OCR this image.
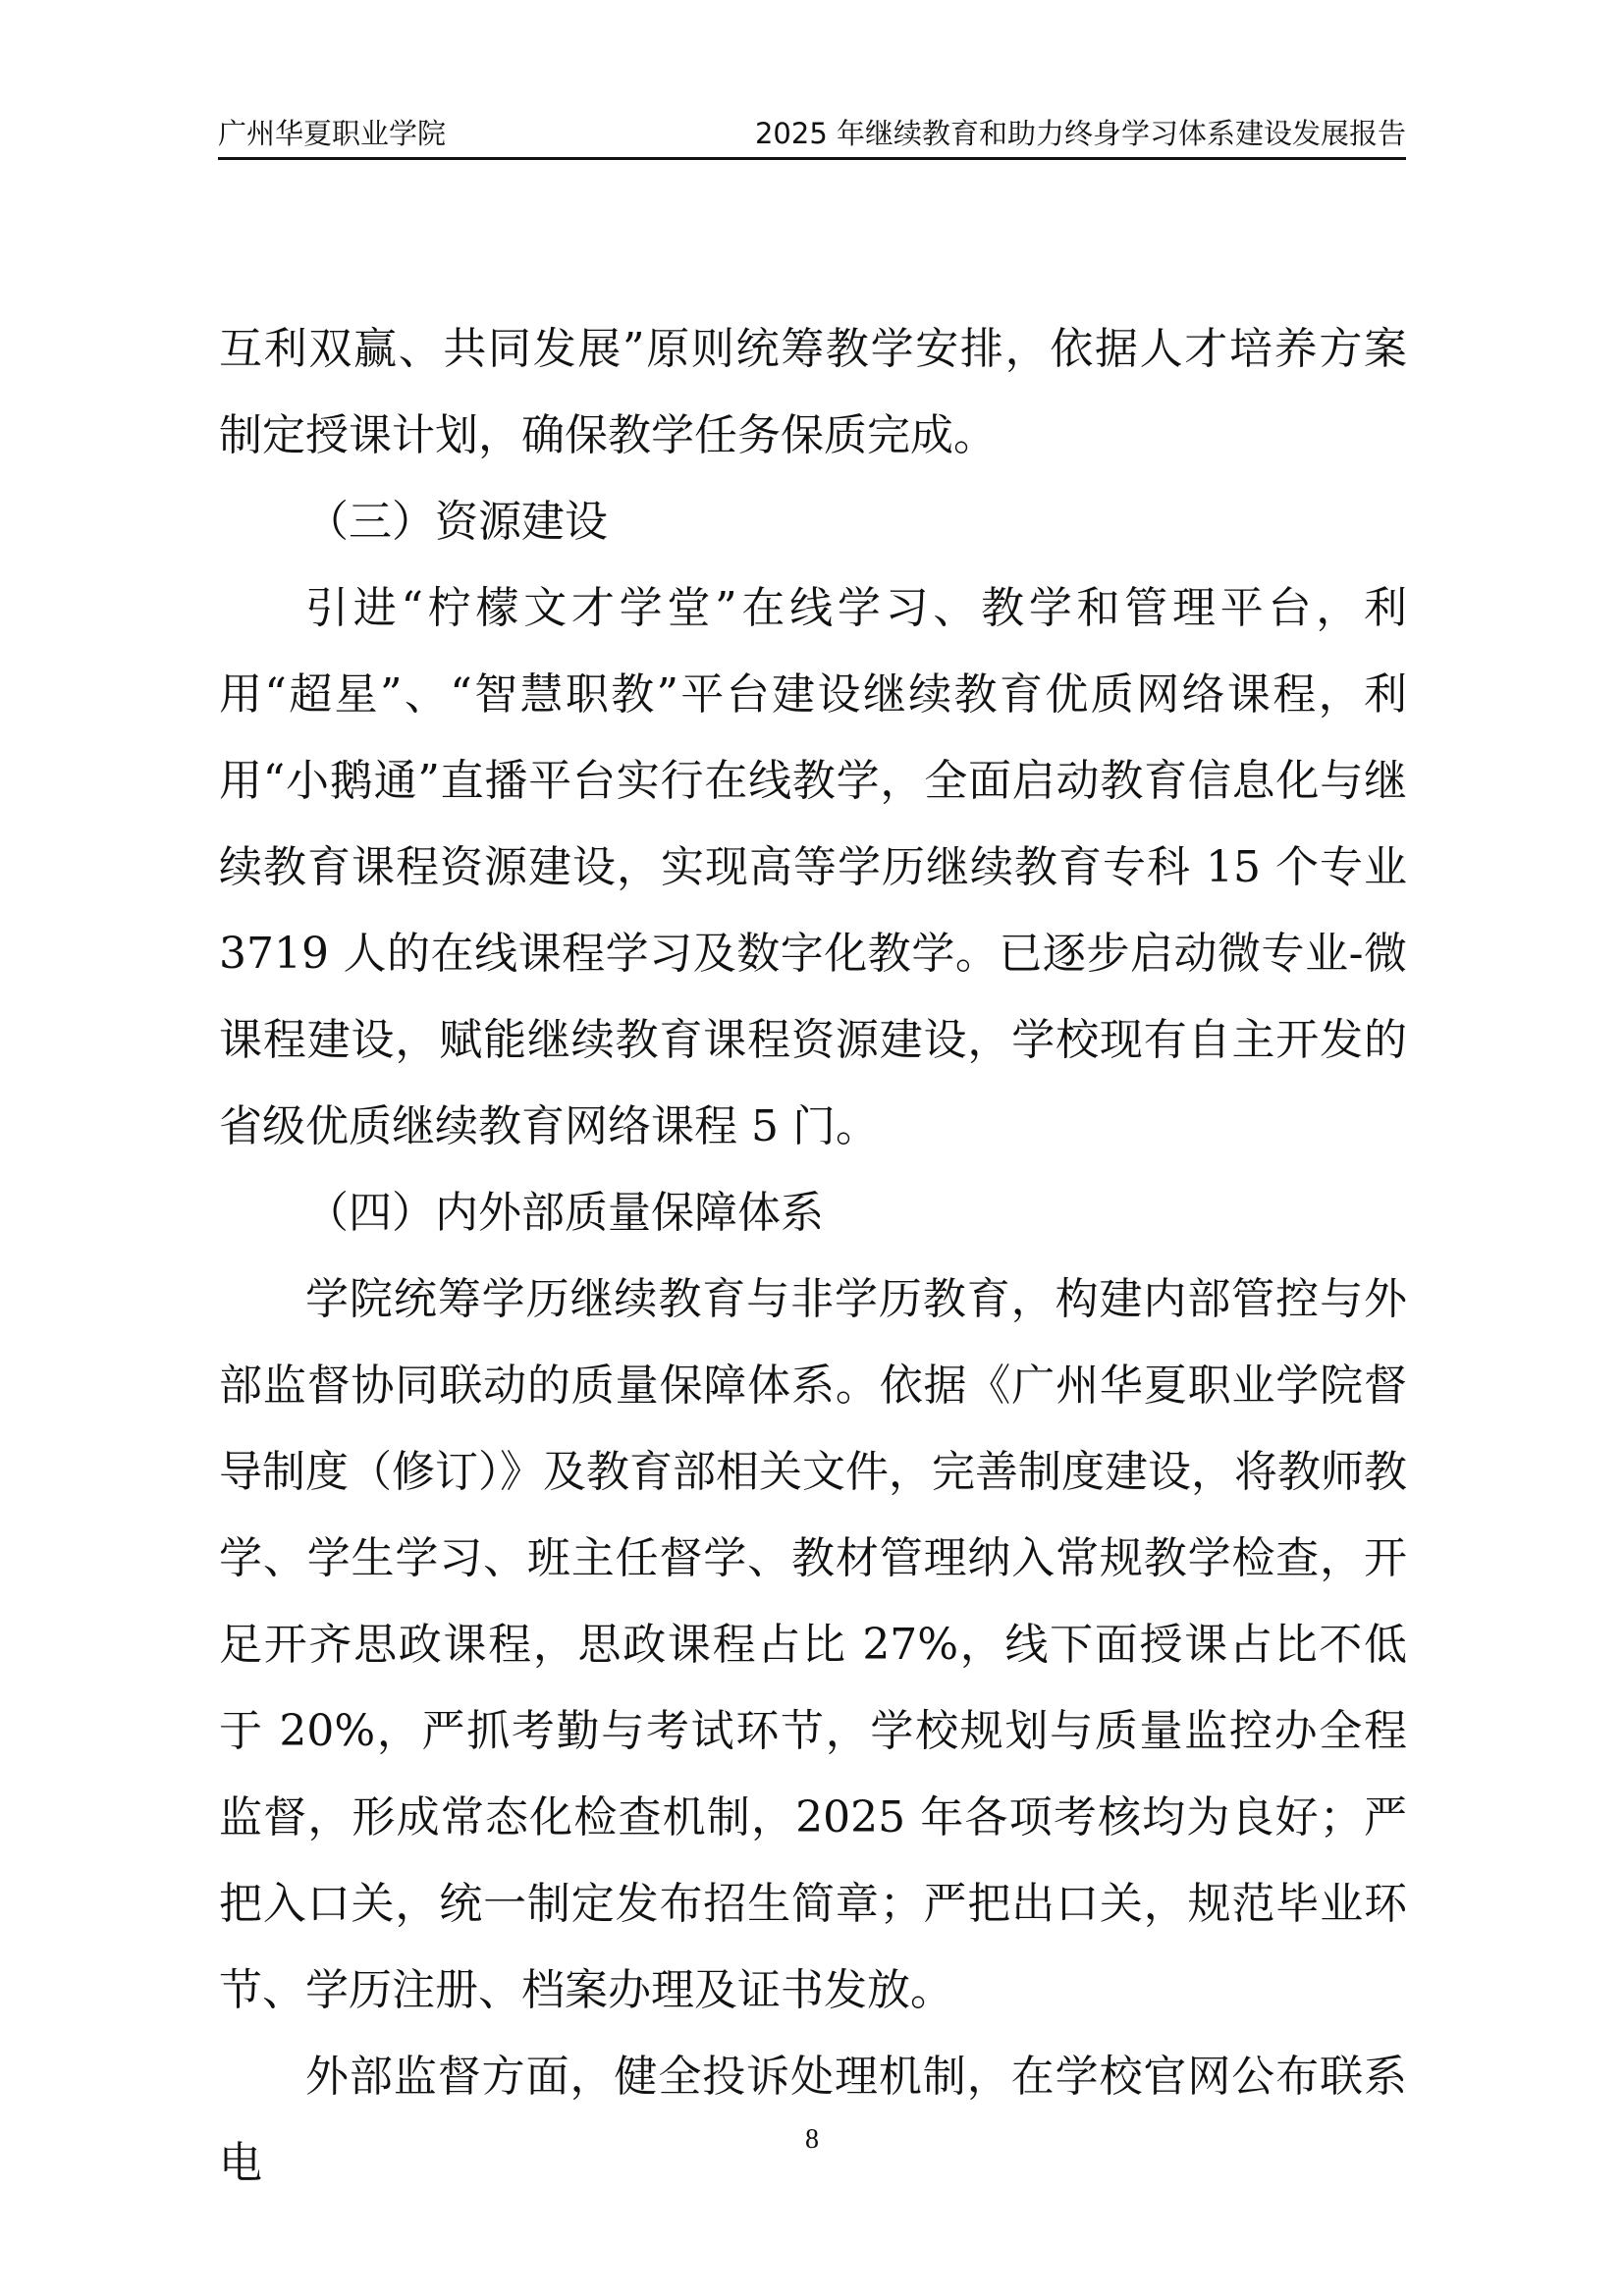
广州华夏职业学院	2025 年继续教育和助力终身学习体系建设发展报告

互利双赢、共同发展”原则统筹教学安排，依据人才培养方案制定授课计划，确保教学任务保质完成。

（三）资源建设

引进“柠檬文才学堂”在线学习、教学和管理平台，利用“超星”、“智慧职教”平台建设继续教育优质网络课程，利用“小鹅通”直播平台实行在线教学，全面启动教育信息化与继续教育课程资源建设，实现高等学历继续教育专科 15 个专业 3719 人的在线课程学习及数字化教学。已逐步启动微专业-微课程建设，赋能继续教育课程资源建设，学校现有自主开发的省级优质继续教育网络课程 5 门。

（四）内外部质量保障体系

学院统筹学历继续教育与非学历教育，构建内部管控与外部监督协同联动的质量保障体系。依据《广州华夏职业学院督导制度（修订）》及教育部相关文件，完善制度建设，将教师教学、学生学习、班主任督学、教材管理纳入常规教学检查，开足开齐思政课程，思政课程占比 27%，线下面授课占比不低于 20%，严抓考勤与考试环节，学校规划与质量监控办全程监督，形成常态化检查机制，2025 年各项考核均为良好；严把入口关，统一制定发布招生简章；严把出口关，规范毕业环节、学历注册、档案办理及证书发放。

外部监督方面，健全投诉处理机制，在学校官网公布联系电	8
